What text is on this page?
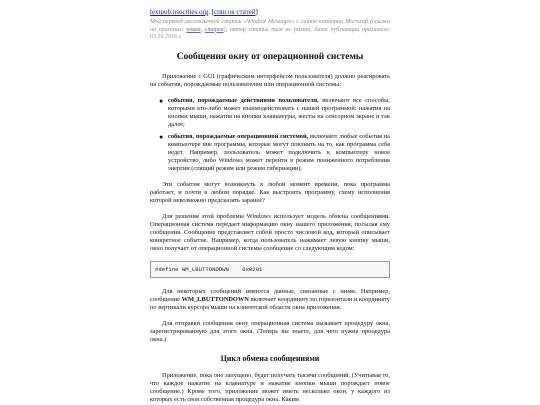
textpub.nsocities.org. [список статей]
Мой перевод англоязычной статьи «Window Messages» с сайта компании Microsoft (ссылки на оригинал: новая, старая), автор статьи там не указан, дата публикации оригинала: 03.10.2016 г.
Сообщения окну от операционной системы

Приложение с GUI (графическим интерфейсом пользователя) должно реагировать на события, порождаемые пользователем или операционной системы:

● события, порождаемые действиями пользователя, включают все способы, которыми кто-либо может взаимодействовать с нашей программой: нажатия на кнопки мыши, нажатия на кнопки клавиатуры, жесты на сенсорном экране и так далее;
● события, порождаемые операционной системой, включают любые события на компьютере вне программы, которые могут повлиять на то, как программа себя ведет. Например, пользователь может подключить к компьютеру новое устройство, либо Windows может перейти в режим пониженного потребления энергии (спящий режим или режим гибернации).

Эти события могут возникнуть в любой момент времени, пока программа работает, и почти в любом порядке. Как выстроить программу, схему исполнения которой невозможно предсказать заранее?

Для решения этой проблемы Windows использует модель обмена сообщениями. Операционная система передает информацию окну нашего приложения, посылая ему сообщения. Сообщение представляет собой просто числовой код, который описывает конкретное событие. Например, когда пользователь нажимает левую кнопку мыши, окно получает от операционной системы сообщение со следующим кодом:

#define WM_LBUTTONDOWN    0x0201

Для некоторых сообщений имеются данные, связанные с ними. Например, сообщение WM_LBUTTONDOWN включает координату по горизонтали и координату по вертикали курсора мыши на клиентской области окна приложения.

Для отправки сообщения окну операционная система вызывает процедуру окна, зарегистрированную для этого окна. (Теперь вы знаете, для чего нужна процедура окна.)

Цикл обмена сообщениями

Приложение, пока оно запущено, будет получать тысячи сообщений. (Учитывая то, что каждое нажатие на клавиатуре и нажатие кнопки мыши порождает новое сообщение.) Кроме того, приложение может иметь несколько окон, у каждого из которых есть своя собственная процедура окна. Каким
